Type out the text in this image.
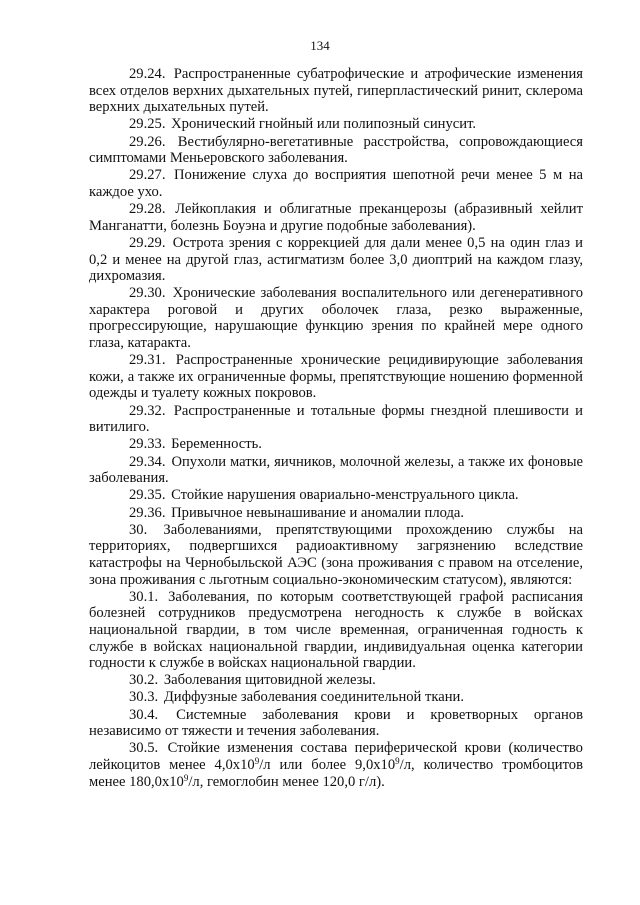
134

29.24. Распространенные субатрофические и атрофические изменения всех отделов верхних дыхательных путей, гиперпластический ринит, склерома верхних дыхательных путей.

29.25. Хронический гнойный или полипозный синусит.

29.26. Вестибулярно-вегетативные расстройства, сопровождающиеся симптомами Меньеровского заболевания.

29.27. Понижение слуха до восприятия шепотной речи менее 5 м на каждое ухо.

29.28. Лейкоплакия и облигатные преканцерозы (абразивный хейлит Манганатти, болезнь Боуэна и другие подобные заболевания).

29.29. Острота зрения с коррекцией для дали менее 0,5 на один глаз и 0,2 и менее на другой глаз, астигматизм более 3,0 диоптрий на каждом глазу, дихромазия.

29.30. Хронические заболевания воспалительного или дегенеративного характера роговой и других оболочек глаза, резко выраженные, прогрессирующие, нарушающие функцию зрения по крайней мере одного глаза, катаракта.

29.31. Распространенные хронические рецидивирующие заболевания кожи, а также их ограниченные формы, препятствующие ношению форменной одежды и туалету кожных покровов.

29.32. Распространенные и тотальные формы гнездной плешивости и витилиго.

29.33. Беременность.

29.34. Опухоли матки, яичников, молочной железы, а также их фоновые заболевания.

29.35. Стойкие нарушения овариально-менструального цикла.

29.36. Привычное невынашивание и аномалии плода.

30. Заболеваниями, препятствующими прохождению службы на территориях, подвергшихся радиоактивному загрязнению вследствие катастрофы на Чернобыльской АЭС (зона проживания с правом на отселение, зона проживания с льготным социально-экономическим статусом), являются:

30.1. Заболевания, по которым соответствующей графой расписания болезней сотрудников предусмотрена негодность к службе в войсках национальной гвардии, в том числе временная, ограниченная годность к службе в войсках национальной гвардии, индивидуальная оценка категории годности к службе в войсках национальной гвардии.

30.2. Заболевания щитовидной железы.

30.3. Диффузные заболевания соединительной ткани.

30.4. Системные заболевания крови и кроветворных органов независимо от тяжести и течения заболевания.

30.5. Стойкие изменения состава периферической крови (количество лейкоцитов менее $4,0x10^9/л$ или более $9,0x10^9/л$, количество тромбоцитов менее $180,0x10^9/л$, гемоглобин менее 120,0 г/л).
